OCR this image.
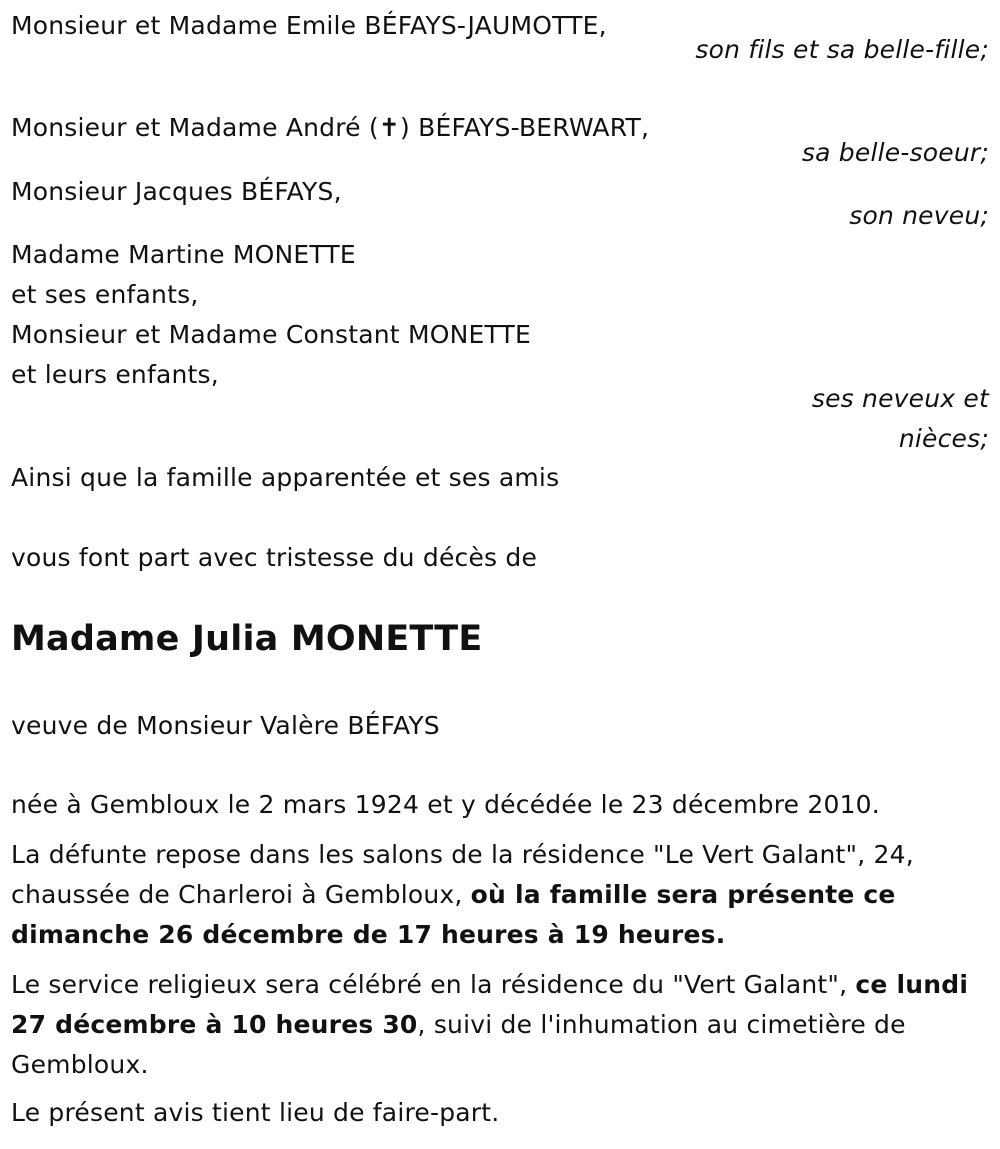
Monsieur et Madame Emile BÉFAYS-JAUMOTTE,
son fils et sa belle-fille;
Monsieur et Madame André (✝) BÉFAYS-BERWART,
sa belle-soeur;
Monsieur Jacques BÉFAYS,
son neveu;
Madame Martine MONETTE
et ses enfants,
Monsieur et Madame Constant MONETTE
et leurs enfants,
ses neveux et nièces;
Ainsi que la famille apparentée et ses amis
vous font part avec tristesse du décès de
Madame Julia MONETTE
veuve de Monsieur Valère BÉFAYS
née à Gembloux le 2 mars 1924 et y décédée le 23 décembre 2010.
La défunte repose dans les salons de la résidence "Le Vert Galant", 24, chaussée de Charleroi à Gembloux, où la famille sera présente ce dimanche 26 décembre de 17 heures à 19 heures.
Le service religieux sera célébré en la résidence du "Vert Galant", ce lundi 27 décembre à 10 heures 30, suivi de l'inhumation au cimetière de Gembloux.
Le présent avis tient lieu de faire-part.
